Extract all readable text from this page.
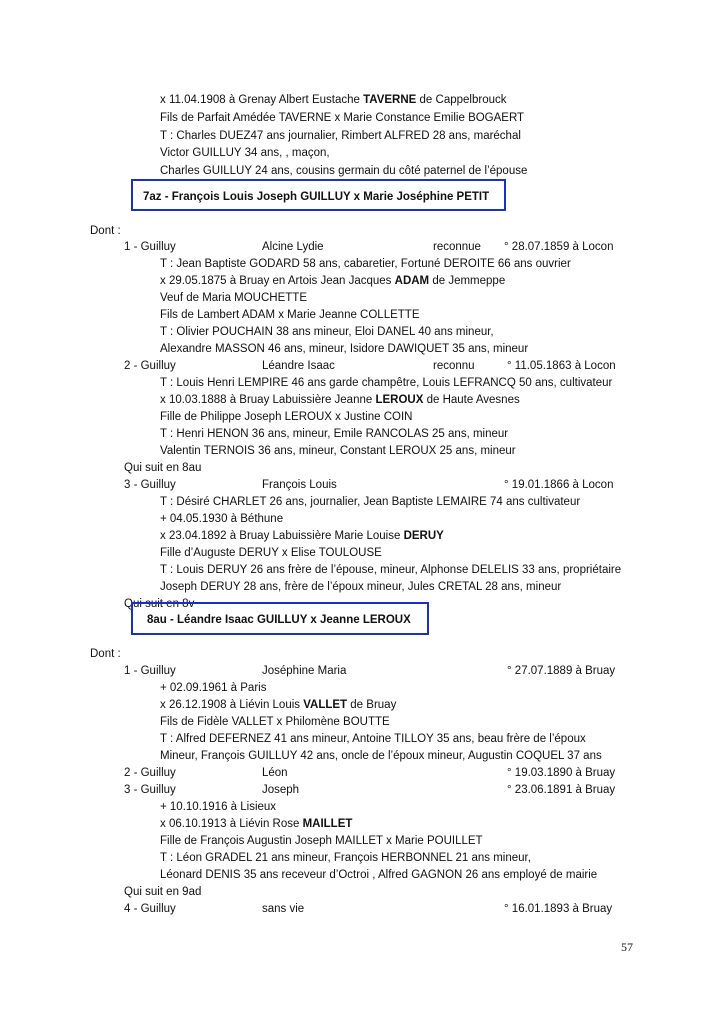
x 11.04.1908 à Grenay Albert Eustache TAVERNE de Cappelbrouck
Fils de Parfait Amédée TAVERNE x Marie Constance Emilie BOGAERT
T : Charles DUEZ47 ans journalier, Rimbert ALFRED 28 ans, maréchal
Victor GUILLUY 34 ans, , maçon,
Charles GUILLUY 24 ans, cousins germain du côté paternel de l’épouse
7az - François Louis Joseph GUILLUY x Marie Joséphine PETIT
Dont :
1 - Guilluy	Alcine Lydie	reconnue ° 28.07.1859 à Locon
T : Jean Baptiste GODARD 58 ans, cabaretier, Fortuné DEROITE 66 ans ouvrier
x 29.05.1875 à Bruay en Artois Jean Jacques ADAM de Jemmeppe
Veuf de Maria MOUCHETTE
Fils de Lambert ADAM x Marie Jeanne COLLETTE
T : Olivier POUCHAIN 38 ans mineur, Eloi DANEL 40 ans mineur,
Alexandre MASSON 46 ans, mineur, Isidore DAWIQUET 35 ans, mineur
2 - Guilluy	Léandre Isaac	reconnu	° 11.05.1863 à Locon
T : Louis Henri LEMPIRE 46 ans garde champêtre, Louis LEFRANCQ 50 ans, cultivateur
x 10.03.1888 à Bruay Labuissière Jeanne LEROUX de Haute Avesnes
Fille de Philippe Joseph LEROUX x Justine COIN
T : Henri HENON 36 ans, mineur, Emile RANCOLAS 25 ans, mineur
Valentin TERNOIS 36 ans, mineur, Constant LEROUX 25 ans, mineur
Qui suit en 8au
3 - Guilluy	François Louis	° 19.01.1866 à Locon
T : Désiré CHARLET 26 ans, journalier, Jean Baptiste LEMAIRE 74 ans cultivateur
+ 04.05.1930 à Béthune
x 23.04.1892 à Bruay Labuissière Marie Louise DERUY
Fille d’Auguste DERUY x Elise TOULOUSE
T : Louis DERUY 26 ans frère de l’épouse, mineur, Alphonse DELELIS 33 ans, propriétaire
Joseph DERUY 28 ans, frère de l’époux mineur, Jules CRETAL 28 ans, mineur
Qui suit en 8v
8au - Léandre Isaac GUILLUY x Jeanne LEROUX
Dont :
1 - Guilluy	Joséphine Maria	° 27.07.1889 à Bruay
+ 02.09.1961 à Paris
x 26.12.1908 à Liévin Louis VALLET de Bruay
Fils de Fidèle VALLET x Philomène BOUTTE
T : Alfred DEFERNEZ 41 ans mineur, Antoine TILLOY 35 ans, beau frère de l’époux
Mineur, François GUILLUY 42 ans, oncle de l’époux mineur, Augustin COQUEL 37 ans
2 - Guilluy	Léon	° 19.03.1890 à Bruay
3 - Guilluy	Joseph	° 23.06.1891 à Bruay
+ 10.10.1916 à Lisieux
x 06.10.1913 à Liévin Rose MAILLET
Fille de François Augustin Joseph MAILLET x Marie POUILLET
T : Léon GRADEL 21 ans mineur, François HERBONNEL 21 ans mineur,
Léonard DENIS 35 ans receveur d’Octroi , Alfred GAGNON 26 ans employé de mairie
Qui suit en 9ad
4 - Guilluy	sans vie	° 16.01.1893 à Bruay
57
